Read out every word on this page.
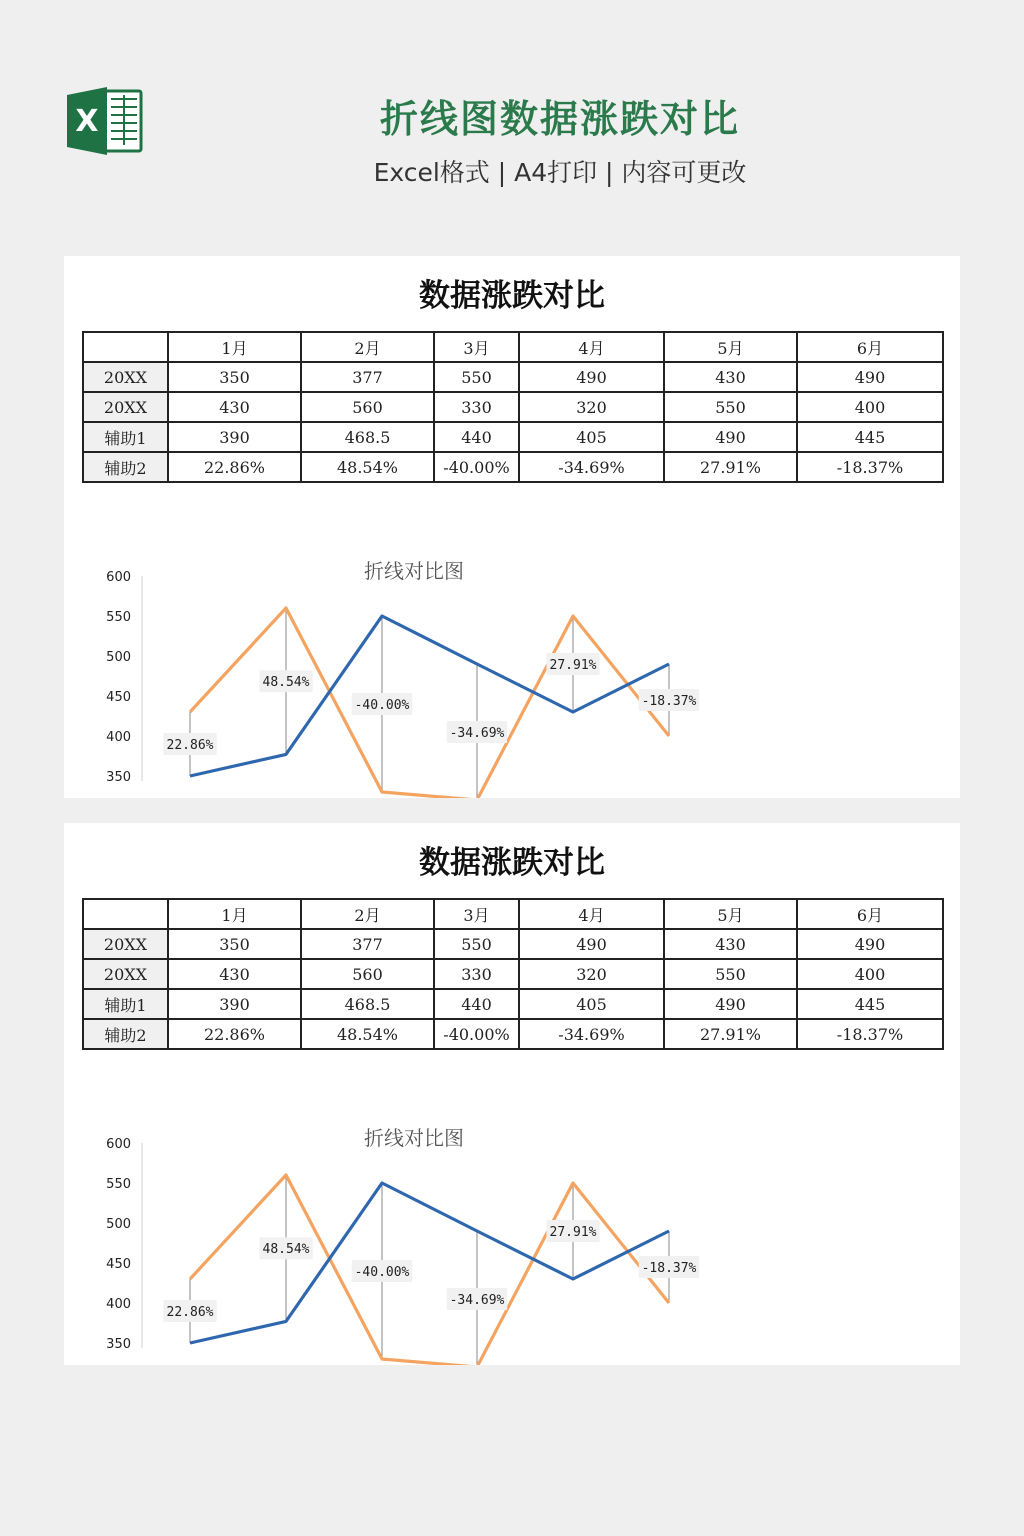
X	折线图数据涨跌对比
Excel格式 | A4打印 | 内容可更改
数据涨跌对比
	1月	2月	3月	4月	5月	6月
20XX	350	377	550	490	430	490
20XX	430	560	330	320	550	400
辅助1	390	468.5	440	405	490	445
辅助2	22.86%	48.54%	-40.00%	-34.69%	27.91%	-18.37%
折线对比图
350
400
450
500
550
600
22.86%
48.54%
-40.00%
-34.69%
27.91%
-18.37%
数据涨跌对比
	1月	2月	3月	4月	5月	6月
20XX	350	377	550	490	430	490
20XX	430	560	330	320	550	400
辅助1	390	468.5	440	405	490	445
辅助2	22.86%	48.54%	-40.00%	-34.69%	27.91%	-18.37%
折线对比图
350
400
450
500
550
600
22.86%
48.54%
-40.00%
-34.69%
27.91%
-18.37%
